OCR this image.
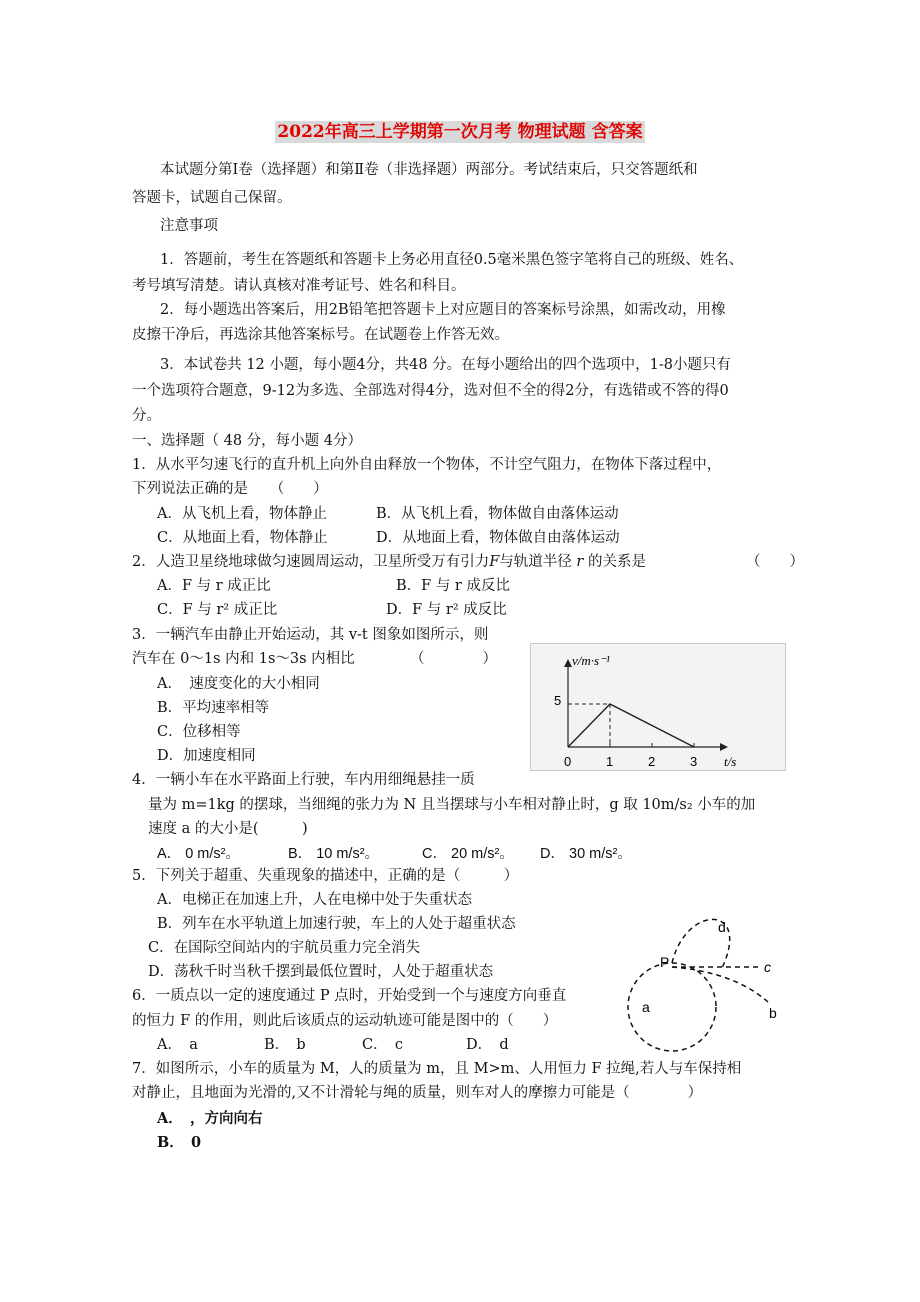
2022年高三上学期第一次月考 物理试题 含答案
本试题分第Ⅰ卷（选择题）和第Ⅱ卷（非选择题）两部分。考试结束后，只交答题纸和
答题卡，试题自己保留。
注意事项
1．答题前，考生在答题纸和答题卡上务必用直径0.5毫米黑色签字笔将自己的班级、姓名、
考号填写清楚。请认真核对准考证号、姓名和科目。
2．每小题选出答案后，用2B铅笔把答题卡上对应题目的答案标号涂黑，如需改动，用橡
皮擦干净后，再选涂其他答案标号。在试题卷上作答无效。
3．本试卷共 12 小题，每小题4分，共48 分。在每小题给出的四个选项中，1-8小题只有
一个选项符合题意，9-12为多选、全部选对得4分，选对但不全的得2分，有选错或不答的得0
分。
一、选择题（ 48 分，每小题 4分）
1．从水平匀速飞行的直升机上向外自由释放一个物体，不计空气阻力，在物体下落过程中，
下列说法正确的是　　（　　）
A．从飞机上看，物体静止	B．从飞机上看，物体做自由落体运动
C．从地面上看，物体静止	D．从地面上看，物体做自由落体运动
2．人造卫星绕地球做匀速圆周运动，卫星所受万有引力F与轨道半径 r 的关系是	（　　）
A．F 与 r 成正比	B．F 与 r 成反比
C．F 与 r² 成正比	D．F 与 r² 成反比
3．一辆汽车由静止开始运动，其 v-t 图象如图所示，则
汽车在 0～1s 内和 1s～3s 内相比	（　　　　）
A．　速度变化的大小相同
B．平均速率相等
C．位移相等
D．加速度相同
v/m·s⁻¹
t/s
5
0	1	2	3
4．一辆小车在水平路面上行驶，车内用细绳悬挂一质
量为 m=1kg 的摆球，当细绳的张力为 N 且当摆球与小车相对静止时，g 取 10m/s₂ 小车的加
速度 a 的大小是(　　　)
A． 0 m/s²。	B． 10 m/s²。	C． 20 m/s²。 D． 30 m/s²。
5．下列关于超重、失重现象的描述中，正确的是（　　　）
A．电梯正在加速上升，人在电梯中处于失重状态
B．列车在水平轨道上加速行驶，车上的人处于超重状态
C．在国际空间站内的宇航员重力完全消失
D．荡秋千时当秋千摆到最低位置时，人处于超重状态
P
a	b
c
d
6．一质点以一定的速度通过 P 点时，开始受到一个与速度方向垂直
的恒力 F 的作用，则此后该质点的运动轨迹可能是图中的（　　）
A．　a	B．　b	C．　c	D．　d
7．如图所示，小车的质量为 M，人的质量为 m，且 M>m、人用恒力 F 拉绳,若人与车保持相
对静止，且地面为光滑的,又不计滑轮与绳的质量，则车对人的摩擦力可能是（　　　　）
A．　，方向向右
B．　0
